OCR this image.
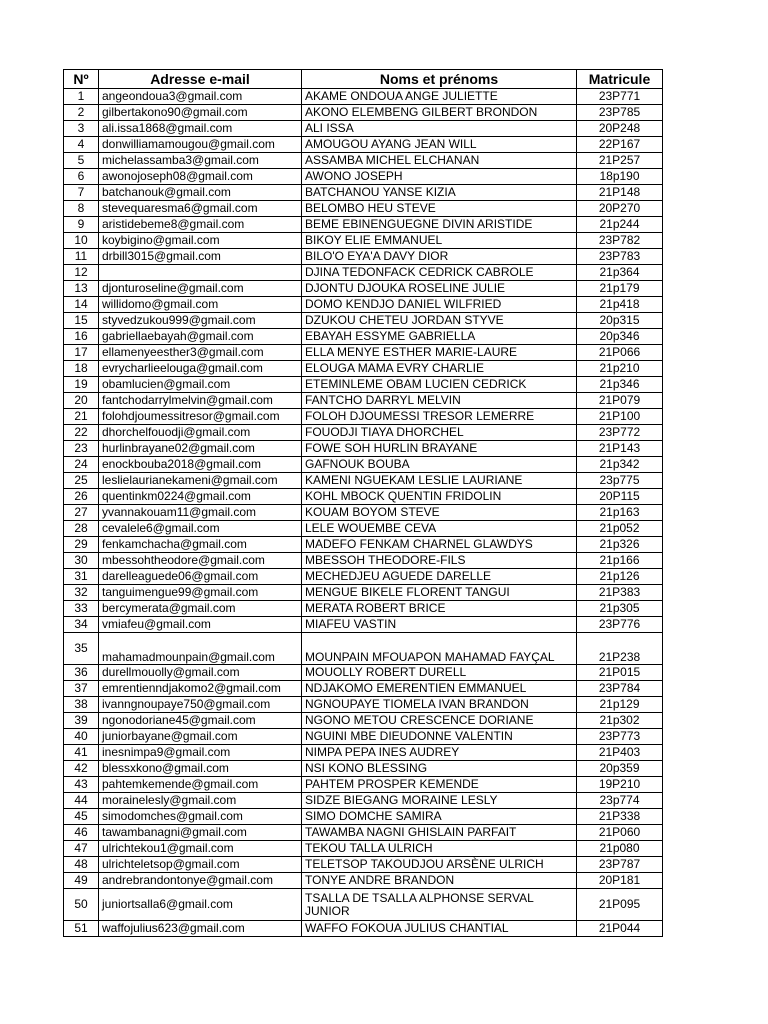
Nº	Adresse e-mail	Noms et prénoms	Matricule
1	angeondoua3@gmail.com	AKAME ONDOUA ANGE JULIETTE	23P771
2	gilbertakono90@gmail.com	AKONO ELEMBENG GILBERT BRONDON	23P785
3	ali.issa1868@gmail.com	ALI ISSA	20P248
4	donwilliamamougou@gmail.com	AMOUGOU AYANG JEAN WILL	22P167
5	michelassamba3@gmail.com	ASSAMBA MICHEL ELCHANAN	21P257
6	awonojoseph08@gmail.com	AWONO JOSEPH	18p190
7	batchanouk@gmail.com	BATCHANOU YANSE KIZIA	21P148
8	stevequaresma6@gmail.com	BELOMBO HEU STEVE	20P270
9	aristidebeme8@gmail.com	BEME EBINENGUEGNE DIVIN ARISTIDE	21p244
10	koybigino@gmail.com	BIKOY ELIE EMMANUEL	23P782
11	drbill3015@gmail.com	BILO'O EYA'A DAVY DIOR	23P783
12		DJINA TEDONFACK CEDRICK CABROLE	21p364
13	djonturoseline@gmail.com	DJONTU DJOUKA ROSELINE JULIE	21p179
14	willidomo@gmail.com	DOMO KENDJO DANIEL WILFRIED	21p418
15	styvedzukou999@gmail.com	DZUKOU CHETEU JORDAN STYVE	20p315
16	gabriellaebayah@gmail.com	EBAYAH ESSYME GABRIELLA	20p346
17	ellamenyeesther3@gmail.com	ELLA MENYE ESTHER MARIE-LAURE	21P066
18	evrycharlieelouga@gmail.com	ELOUGA MAMA EVRY CHARLIE	21p210
19	obamlucien@gmail.com	ETEMINLEME OBAM LUCIEN CEDRICK	21p346
20	fantchodarrylmelvin@gmail.com	FANTCHO DARRYL MELVIN	21P079
21	folohdjoumessitresor@gmail.com	FOLOH DJOUMESSI TRESOR LEMERRE	21P100
22	dhorchelfouodji@gmail.com	FOUODJI TIAYA DHORCHEL	23P772
23	hurlinbrayane02@gmail.com	FOWE SOH HURLIN BRAYANE	21P143
24	enockbouba2018@gmail.com	GAFNOUK BOUBA	21p342
25	leslielaurianekameni@gmail.com	KAMENI NGUEKAM LESLIE LAURIANE	23p775
26	quentinkm0224@gmail.com	KOHL MBOCK QUENTIN FRIDOLIN	20P115
27	yvannakouam11@gmail.com	KOUAM BOYOM STEVE	21p163
28	cevalele6@gmail.com	LELE WOUEMBE CEVA	21p052
29	fenkamchacha@gmail.com	MADEFO FENKAM CHARNEL GLAWDYS	21p326
30	mbessohtheodore@gmail.com	MBESSOH THEODORE-FILS	21p166
31	darelleaguede06@gmail.com	MECHEDJEU AGUEDE DARELLE	21p126
32	tanguimengue99@gmail.com	MENGUE BIKELE FLORENT TANGUI	21P383
33	bercymerata@gmail.com	MERATA ROBERT BRICE	21p305
34	vmiafeu@gmail.com	MIAFEU VASTIN	23P776
35	mahamadmounpain@gmail.com	MOUNPAIN MFOUAPON MAHAMAD FAYÇAL	21P238
36	durellmouolly@gmail.com	MOUOLLY ROBERT DURELL	21P015
37	emrentienndjakomo2@gmail.com	NDJAKOMO EMERENTIEN EMMANUEL	23P784
38	ivanngnoupaye750@gmail.com	NGNOUPAYE TIOMELA IVAN BRANDON	21p129
39	ngonodoriane45@gmail.com	NGONO METOU CRESCENCE DORIANE	21p302
40	juniorbayane@gmail.com	NGUINI MBE DIEUDONNE VALENTIN	23P773
41	inesnimpa9@gmail.com	NIMPA PEPA INES AUDREY	21P403
42	blessxkono@gmail.com	NSI KONO BLESSING	20p359
43	pahtemkemende@gmail.com	PAHTEM PROSPER KEMENDE	19P210
44	morainelesly@gmail.com	SIDZE BIEGANG MORAINE LESLY	23p774
45	simodomches@gmail.com	SIMO DOMCHE SAMIRA	21P338
46	tawambanagni@gmail.com	TAWAMBA NAGNI GHISLAIN PARFAIT	21P060
47	ulrichtekou1@gmail.com	TEKOU TALLA ULRICH	21p080
48	ulrichteletsop@gmail.com	TELETSOP TAKOUDJOU ARSÈNE ULRICH	23P787
49	andrebrandontonye@gmail.com	TONYE ANDRE BRANDON	20P181
50	juniortsalla6@gmail.com	TSALLA DE TSALLA ALPHONSE SERVAL JUNIOR	21P095
51	waffojulius623@gmail.com	WAFFO FOKOUA JULIUS CHANTIAL	21P044
